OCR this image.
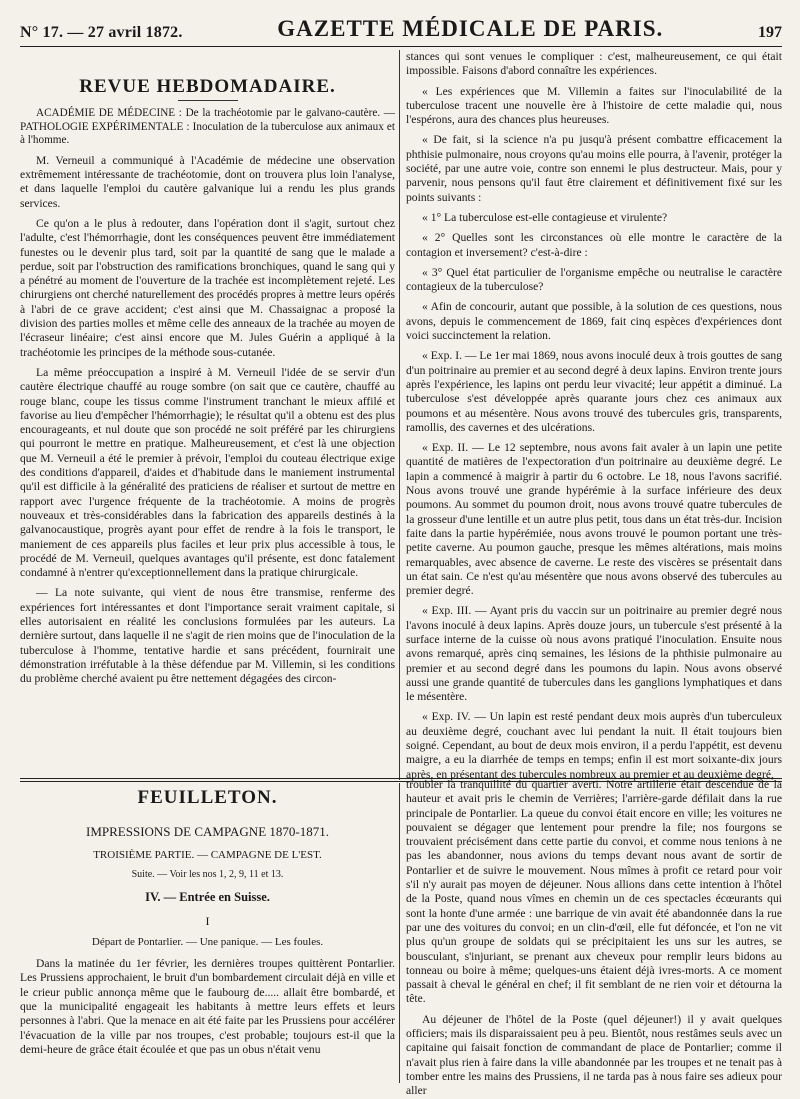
N° 17. — 27 avril 1872.	GAZETTE MÉDICALE DE PARIS.	197
REVUE HEBDOMADAIRE.

ACADÉMIE DE MÉDECINE : De la trachéotomie par le galvano-cautère. — PATHOLOGIE EXPÉRIMENTALE : Inoculation de la tuberculose aux animaux et à l'homme.

M. Verneuil a communiqué à l'Académie de médecine une observation extrêmement intéressante de trachéotomie, dont on trouvera plus loin l'analyse, et dans laquelle l'emploi du cautère galvanique lui a rendu les plus grands services.

Ce qu'on a le plus à redouter, dans l'opération dont il s'agit, surtout chez l'adulte, c'est l'hémorrhagie, dont les conséquences peuvent être immédiatement funestes ou le devenir plus tard, soit par la quantité de sang que le malade a perdue, soit par l'obstruction des ramifications bronchiques, quand le sang qui y a pénétré au moment de l'ouverture de la trachée est incomplètement rejeté. Les chirurgiens ont cherché naturellement des procédés propres à mettre leurs opérés à l'abri de ce grave accident; c'est ainsi que M. Chassaignac a proposé la division des parties molles et même celle des anneaux de la trachée au moyen de l'écraseur linéaire; c'est ainsi encore que M. Jules Guérin a appliqué à la trachéotomie les principes de la méthode sous-cutanée.

La même préoccupation a inspiré à M. Verneuil l'idée de se servir d'un cautère électrique chauffé au rouge sombre (on sait que ce cautère, chauffé au rouge blanc, coupe les tissus comme l'instrument tranchant le mieux affilé et favorise au lieu d'empêcher l'hémorrhagie); le résultat qu'il a obtenu est des plus encourageants, et nul doute que son procédé ne soit préféré par les chirurgiens qui pourront le mettre en pratique. Malheureusement, et c'est là une objection que M. Verneuil a été le premier à prévoir, l'emploi du couteau électrique exige des conditions d'appareil, d'aides et d'habitude dans le maniement instrumental qu'il est difficile à la généralité des praticiens de réaliser et surtout de mettre en rapport avec l'urgence fréquente de la trachéotomie. A moins de progrès nouveaux et très-considérables dans la fabrication des appareils destinés à la galvanocaustique, progrès ayant pour effet de rendre à la fois le transport, le maniement de ces appareils plus faciles et leur prix plus accessible à tous, le procédé de M. Verneuil, quelques avantages qu'il présente, est donc fatalement condamné à n'entrer qu'exceptionnellement dans la pratique chirurgicale.

— La note suivante, qui vient de nous être transmise, renferme des expériences fort intéressantes et dont l'importance serait vraiment capitale, si elles autorisaient en réalité les conclusions formulées par les auteurs. La dernière surtout, dans laquelle il ne s'agit de rien moins que de l'inoculation de la tuberculose à l'homme, tentative hardie et sans précédent, fournirait une démonstration irréfutable à la thèse défendue par M. Villemin, si les conditions du problème cherché avaient pu être nettement dégagées des circon-

stances qui sont venues le compliquer : c'est, malheureusement, ce qui était impossible. Faisons d'abord connaître les expériences.

« Les expériences que M. Villemin a faites sur l'inoculabilité de la tuberculose tracent une nouvelle ère à l'histoire de cette maladie qui, nous l'espérons, aura des chances plus heureuses.

« De fait, si la science n'a pu jusqu'à présent combattre efficacement la phthisie pulmonaire, nous croyons qu'au moins elle pourra, à l'avenir, protéger la société, par une autre voie, contre son ennemi le plus destructeur. Mais, pour y parvenir, nous pensons qu'il faut être clairement et définitivement fixé sur les points suivants :

« 1° La tuberculose est-elle contagieuse et virulente?

« 2° Quelles sont les circonstances où elle montre le caractère de la contagion et inversement? c'est-à-dire :

« 3° Quel état particulier de l'organisme empêche ou neutralise le caractère contagieux de la tuberculose?

« Afin de concourir, autant que possible, à la solution de ces questions, nous avons, depuis le commencement de 1869, fait cinq espèces d'expériences dont voici succinctement la relation.

« Exp. I. — Le 1er mai 1869, nous avons inoculé deux à trois gouttes de sang d'un poitrinaire au premier et au second degré à deux lapins. Environ trente jours après l'expérience, les lapins ont perdu leur vivacité; leur appétit a diminué. La tuberculose s'est développée après quarante jours chez ces animaux aux poumons et au mésentère. Nous avons trouvé des tubercules gris, transparents, ramollis, des cavernes et des ulcérations.

« Exp. II. — Le 12 septembre, nous avons fait avaler à un lapin une petite quantité de matières de l'expectoration d'un poitrinaire au deuxième degré. Le lapin a commencé à maigrir à partir du 6 octobre. Le 18, nous l'avons sacrifié. Nous avons trouvé une grande hypérémie à la surface inférieure des deux poumons. Au sommet du poumon droit, nous avons trouvé quatre tubercules de la grosseur d'une lentille et un autre plus petit, tous dans un état très-dur. Incision faite dans la partie hypérémiée, nous avons trouvé le poumon portant une très-petite caverne. Au poumon gauche, presque les mêmes altérations, mais moins remarquables, avec absence de caverne. Le reste des viscères se présentait dans un état sain. Ce n'est qu'au mésentère que nous avons observé des tubercules au premier degré.

« Exp. III. — Ayant pris du vaccin sur un poitrinaire au premier degré nous l'avons inoculé à deux lapins. Après douze jours, un tubercule s'est présenté à la surface interne de la cuisse où nous avons pratiqué l'inoculation. Ensuite nous avons remarqué, après cinq semaines, les lésions de la phthisie pulmonaire au premier et au second degré dans les poumons du lapin. Nous avons observé aussi une grande quantité de tubercules dans les ganglions lymphatiques et dans le mésentère.

« Exp. IV. — Un lapin est resté pendant deux mois auprès d'un tuberculeux au deuxième degré, couchant avec lui pendant la nuit. Il était toujours bien soigné. Cependant, au bout de deux mois environ, il a perdu l'appétit, est devenu maigre, a eu la diarrhée de temps en temps; enfin il est mort soixante-dix jours après, en présentant des tubercules nombreux au premier et au deuxième degré,

FEUILLETON.
IMPRESSIONS DE CAMPAGNE 1870-1871.
TROISIÈME PARTIE. — CAMPAGNE DE L'EST.
Suite. — Voir les nos 1, 2, 9, 11 et 13.
IV. — Entrée en Suisse.
I
Départ de Pontarlier. — Une panique. — Les foules.

Dans la matinée du 1er février, les dernières troupes quittèrent Pontarlier. Les Prussiens approchaient, le bruit d'un bombardement circulait déjà en ville et le crieur public annonça même que le faubourg de..... allait être bombardé, et que la municipalité engageait les habitants à mettre leurs effets et leurs personnes à l'abri. Que la menace en ait été faite par les Prussiens pour accélérer l'évacuation de la ville par nos troupes, c'est probable; toujours est-il que la demi-heure de grâce était écoulée et que pas un obus n'était venu

troubler la tranquillité du quartier averti. Notre artillerie était descendue de la hauteur et avait pris le chemin de Verrières; l'arrière-garde défilait dans la rue principale de Pontarlier. La queue du convoi était encore en ville; les voitures ne pouvaient se dégager que lentement pour prendre la file; nos fourgons se trouvaient précisément dans cette partie du convoi, et comme nous tenions à ne pas les abandonner, nous avions du temps devant nous avant de sortir de Pontarlier et de suivre le mouvement. Nous mîmes à profit ce retard pour voir s'il n'y aurait pas moyen de déjeuner. Nous allions dans cette intention à l'hôtel de la Poste, quand nous vîmes en chemin un de ces spectacles écœurants qui sont la honte d'une armée : une barrique de vin avait été abandonnée dans la rue par une des voitures du convoi; en un clin-d'œil, elle fut défoncée, et l'on ne vit plus qu'un groupe de soldats qui se précipitaient les uns sur les autres, se bousculant, s'injuriant, se prenant aux cheveux pour remplir leurs bidons au tonneau ou boire à même; quelques-uns étaient déjà ivres-morts. A ce moment passait à cheval le général en chef; il fit semblant de ne rien voir et détourna la tête.

Au déjeuner de l'hôtel de la Poste (quel déjeuner!) il y avait quelques officiers; mais ils disparaissaient peu à peu. Bientôt, nous restâmes seuls avec un capitaine qui faisait fonction de commandant de place de Pontarlier; comme il n'avait plus rien à faire dans la ville abandonnée par les troupes et ne tenait pas à tomber entre les mains des Prussiens, il ne tarda pas à nous faire ses adieux pour aller
